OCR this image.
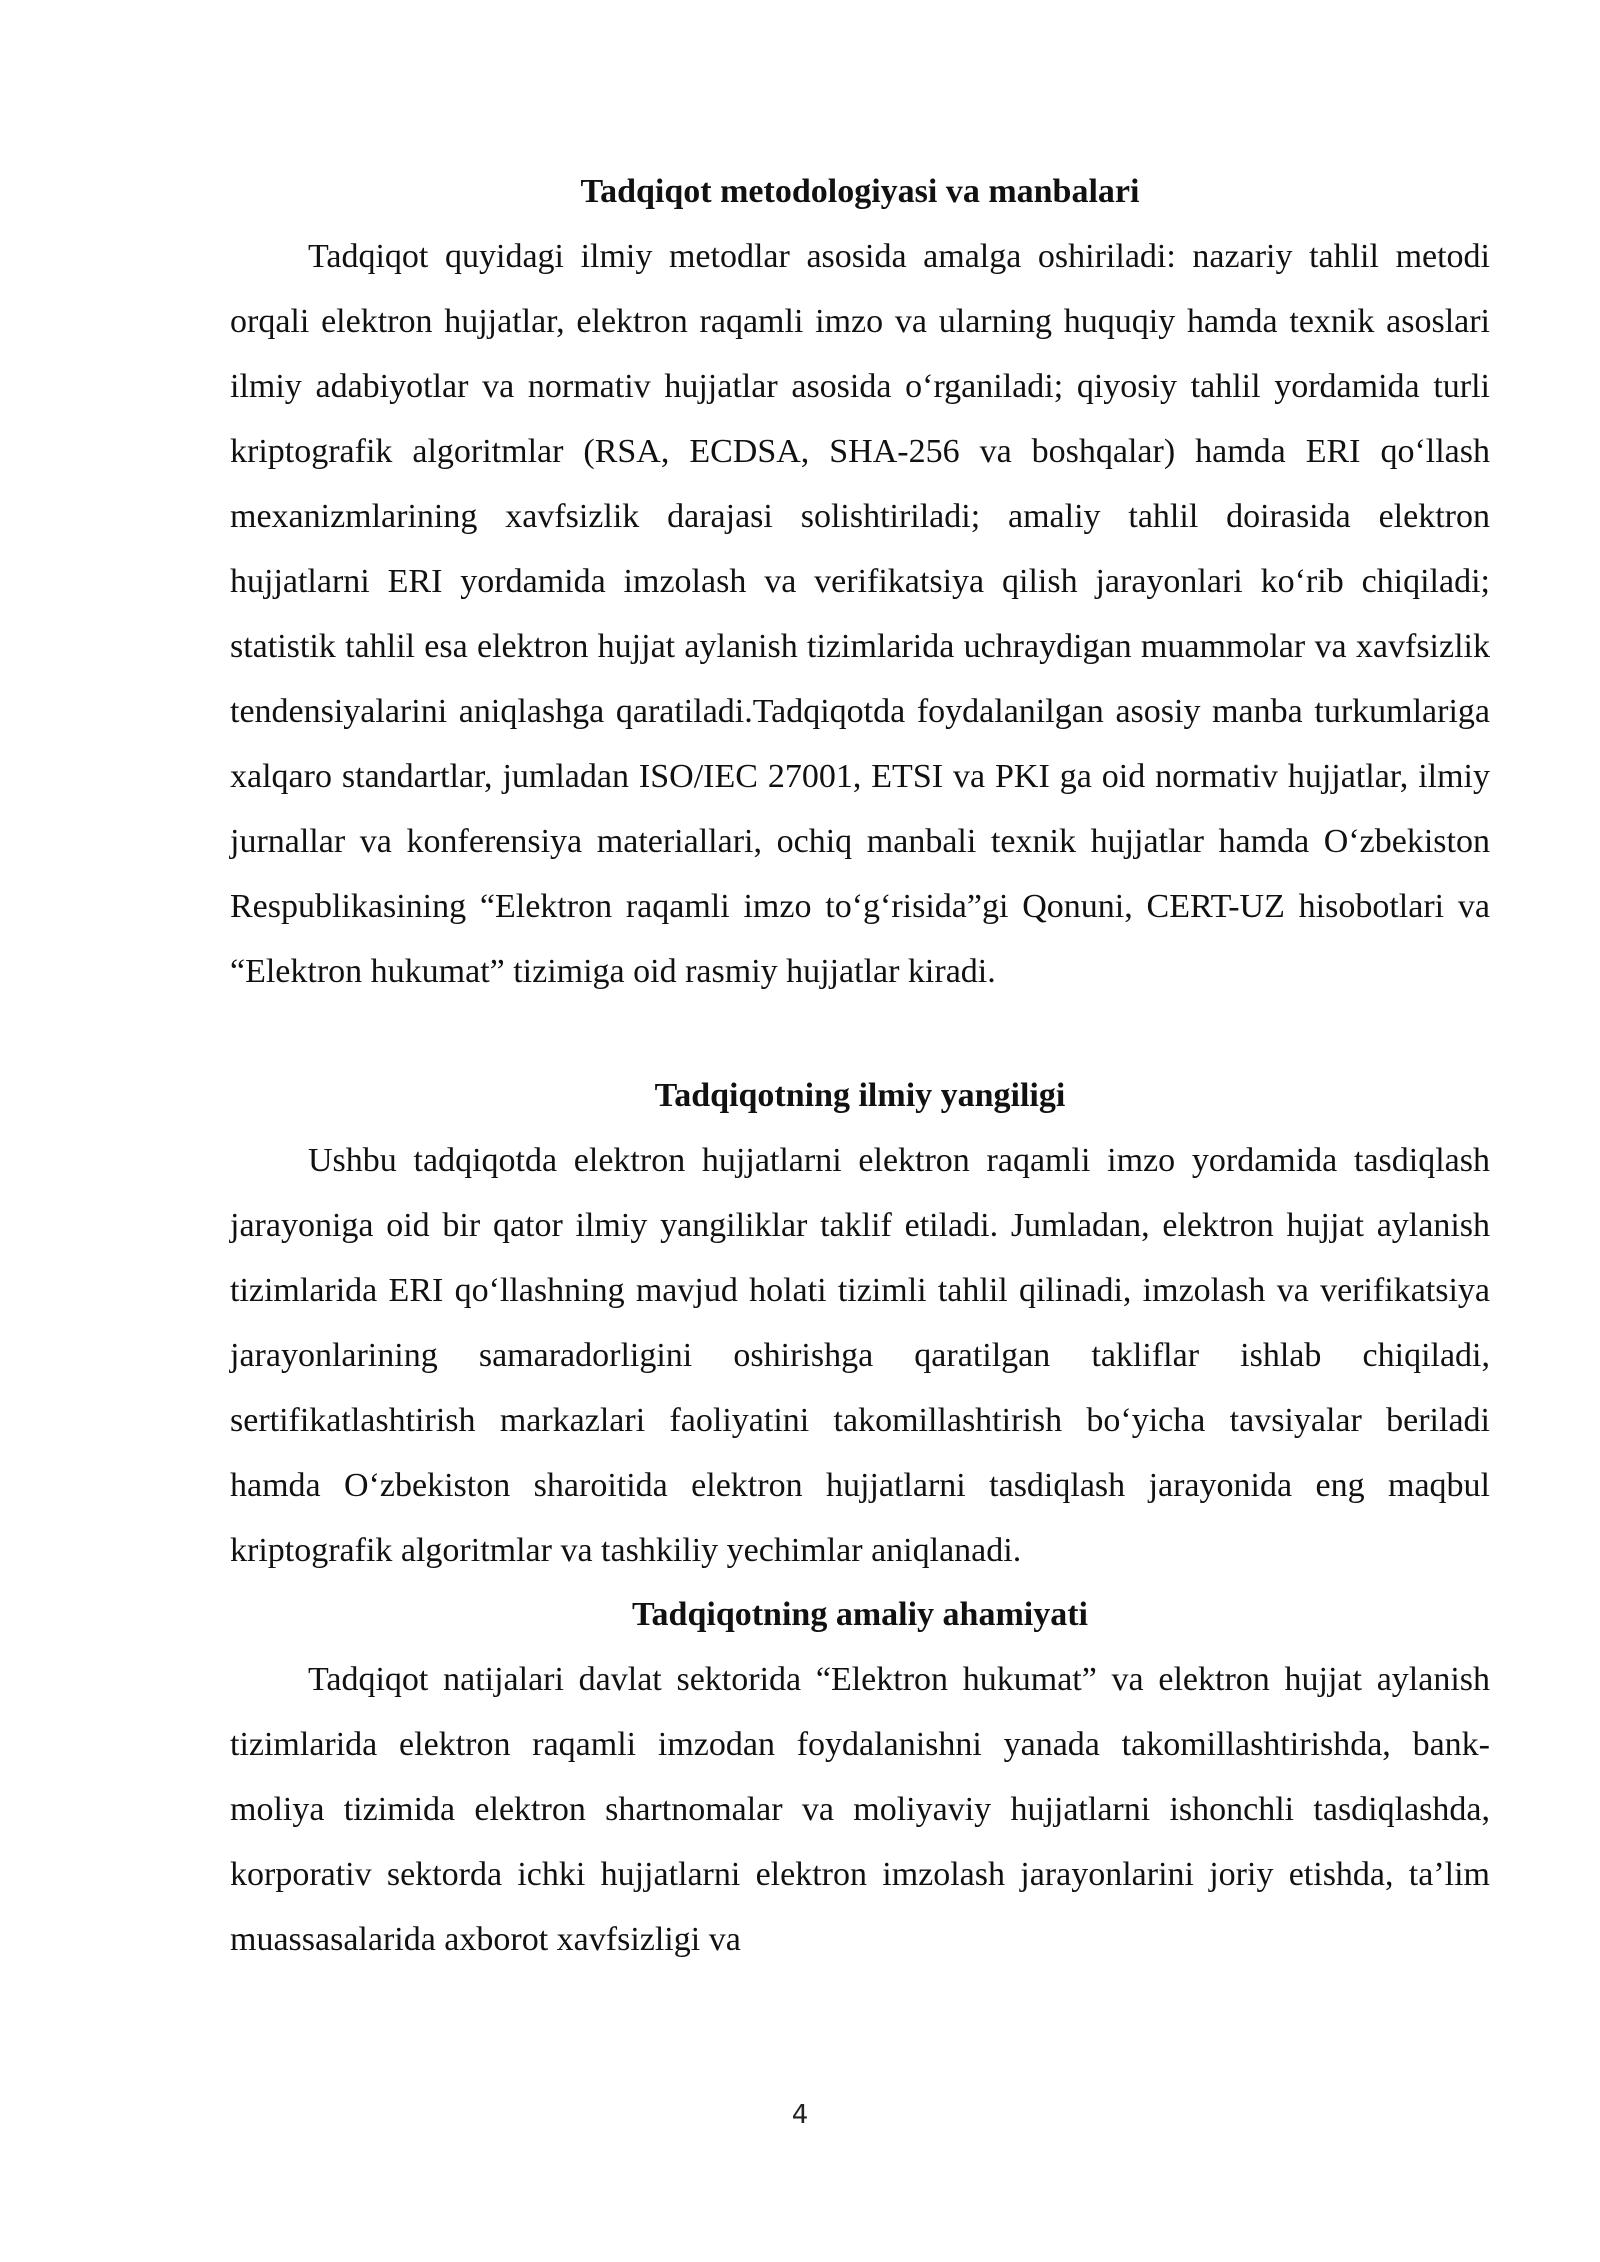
Tadqiqot metodologiyasi va manbalari

Tadqiqot quyidagi ilmiy metodlar asosida amalga oshiriladi: nazariy tahlil metodi orqali elektron hujjatlar, elektron raqamli imzo va ularning huquqiy hamda texnik asoslari ilmiy adabiyotlar va normativ hujjatlar asosida o‘rganiladi; qiyosiy tahlil yordamida turli kriptografik algoritmlar (RSA, ECDSA, SHA-256 va boshqalar) hamda ERI qo‘llash mexanizmlarining xavfsizlik darajasi solishtiriladi; amaliy tahlil doirasida elektron hujjatlarni ERI yordamida imzolash va verifikatsiya qilish jarayonlari ko‘rib chiqiladi; statistik tahlil esa elektron hujjat aylanish tizimlarida uchraydigan muammolar va xavfsizlik tendensiyalarini aniqlashga qaratiladi.Tadqiqotda foydalanilgan asosiy manba turkumlariga xalqaro standartlar, jumladan ISO/IEC 27001, ETSI va PKI ga oid normativ hujjatlar, ilmiy jurnallar va konferensiya materiallari, ochiq manbali texnik hujjatlar hamda O‘zbekiston Respublikasining “Elektron raqamli imzo to‘g‘risida”gi Qonuni, CERT-UZ hisobotlari va “Elektron hukumat” tizimiga oid rasmiy hujjatlar kiradi.

Tadqiqotning ilmiy yangiligi

Ushbu tadqiqotda elektron hujjatlarni elektron raqamli imzo yordamida tasdiqlash jarayoniga oid bir qator ilmiy yangiliklar taklif etiladi. Jumladan, elektron hujjat aylanish tizimlarida ERI qo‘llashning mavjud holati tizimli tahlil qilinadi, imzolash va verifikatsiya jarayonlarining samaradorligini oshirishga qaratilgan takliflar ishlab chiqiladi, sertifikatlashtirish markazlari faoliyatini takomillashtirish bo‘yicha tavsiyalar beriladi hamda O‘zbekiston sharoitida elektron hujjatlarni tasdiqlash jarayonida eng maqbul kriptografik algoritmlar va tashkiliy yechimlar aniqlanadi.

Tadqiqotning amaliy ahamiyati

Tadqiqot natijalari davlat sektorida “Elektron hukumat” va elektron hujjat aylanish tizimlarida elektron raqamli imzodan foydalanishni yanada takomillashtirishda, bank-moliya tizimida elektron shartnomalar va moliyaviy hujjatlarni ishonchli tasdiqlashda, korporativ sektorda ichki hujjatlarni elektron imzolash jarayonlarini joriy etishda, ta’lim muassasalarida axborot xavfsizligi va

4
